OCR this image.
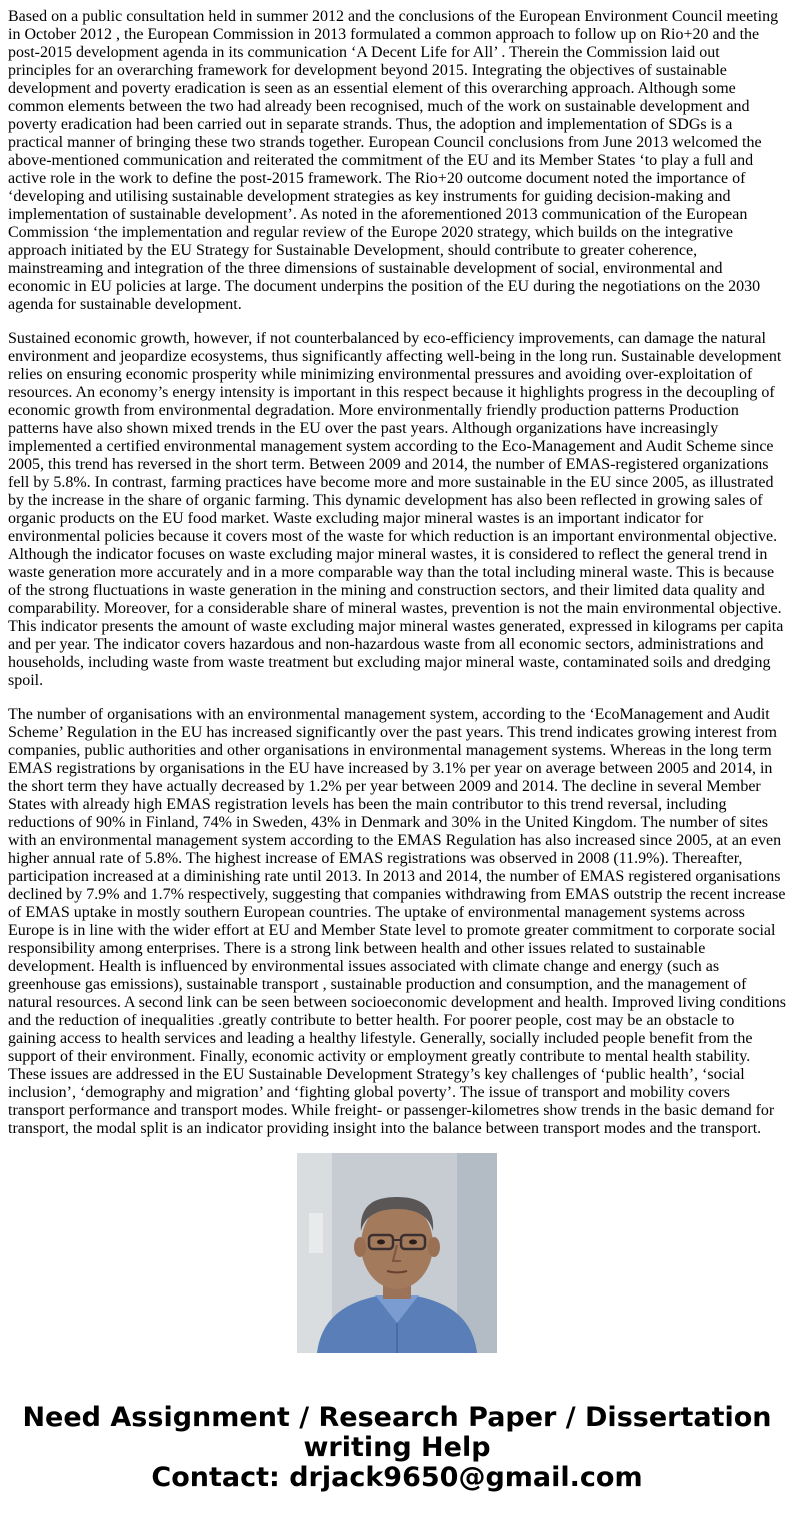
Based on a public consultation held in summer 2012 and the conclusions of the European Environment Council meeting in October 2012 , the European Commission in 2013 formulated a common approach to follow up on Rio+20 and the post-2015 development agenda in its communication ‘A Decent Life for All’ . Therein the Commission laid out principles for an overarching framework for development beyond 2015. Integrating the objectives of sustainable development and poverty eradication is seen as an essential element of this overarching approach. Although some common elements between the two had already been recognised, much of the work on sustainable development and poverty eradication had been carried out in separate strands. Thus, the adoption and implementation of SDGs is a practical manner of bringing these two strands together. European Council conclusions from June 2013 welcomed the above-mentioned communication and reiterated the commitment of the EU and its Member States ‘to play a full and active role in the work to define the post-2015 framework. The Rio+20 outcome document noted the importance of ‘developing and utilising sustainable development strategies as key instruments for guiding decision-making and implementation of sustainable development’. As noted in the aforementioned 2013 communication of the European Commission ‘the implementation and regular review of the Europe 2020 strategy, which builds on the integrative approach initiated by the EU Strategy for Sustainable Development, should contribute to greater coherence, mainstreaming and integration of the three dimensions of sustainable development of social, environmental and economic in EU policies at large. The document underpins the position of the EU during the negotiations on the 2030 agenda for sustainable development.

Sustained economic growth, however, if not counterbalanced by eco-efficiency improvements, can damage the natural environment and jeopardize ecosystems, thus significantly affecting well-being in the long run. Sustainable development relies on ensuring economic prosperity while minimizing environmental pressures and avoiding over-exploitation of resources. An economy’s energy intensity is important in this respect because it highlights progress in the decoupling of economic growth from environmental degradation. More environmentally friendly production patterns Production patterns have also shown mixed trends in the EU over the past years. Although organizations have increasingly implemented a certified environmental management system according to the Eco-Management and Audit Scheme since 2005, this trend has reversed in the short term. Between 2009 and 2014, the number of EMAS-registered organizations fell by 5.8%. In contrast, farming practices have become more and more sustainable in the EU since 2005, as illustrated by the increase in the share of organic farming. This dynamic development has also been reflected in growing sales of organic products on the EU food market. Waste excluding major mineral wastes is an important indicator for environmental policies because it covers most of the waste for which reduction is an important environmental objective. Although the indicator focuses on waste excluding major mineral wastes, it is considered to reflect the general trend in waste generation more accurately and in a more comparable way than the total including mineral waste. This is because of the strong fluctuations in waste generation in the mining and construction sectors, and their limited data quality and comparability. Moreover, for a considerable share of mineral wastes, prevention is not the main environmental objective. This indicator presents the amount of waste excluding major mineral wastes generated, expressed in kilograms per capita and per year. The indicator covers hazardous and non-hazardous waste from all economic sectors, administrations and households, including waste from waste treatment but excluding major mineral waste, contaminated soils and dredging spoil.

The number of organisations with an environmental management system, according to the ‘EcoManagement and Audit Scheme’ Regulation in the EU has increased significantly over the past years. This trend indicates growing interest from companies, public authorities and other organisations in environmental management systems. Whereas in the long term EMAS registrations by organisations in the EU have increased by 3.1% per year on average between 2005 and 2014, in the short term they have actually decreased by 1.2% per year between 2009 and 2014. The decline in several Member States with already high EMAS registration levels has been the main contributor to this trend reversal, including reductions of 90% in Finland, 74% in Sweden, 43% in Denmark and 30% in the United Kingdom. The number of sites with an environmental management system according to the EMAS Regulation has also increased since 2005, at an even higher annual rate of 5.8%. The highest increase of EMAS registrations was observed in 2008 (11.9%). Thereafter, participation increased at a diminishing rate until 2013. In 2013 and 2014, the number of EMAS registered organisations declined by 7.9% and 1.7% respectively, suggesting that companies withdrawing from EMAS outstrip the recent increase of EMAS uptake in mostly southern European countries. The uptake of environmental management systems across Europe is in line with the wider effort at EU and Member State level to promote greater commitment to corporate social responsibility among enterprises. There is a strong link between health and other issues related to sustainable development. Health is influenced by environmental issues associated with climate change and energy (such as greenhouse gas emissions), sustainable transport , sustainable production and consumption, and the management of natural resources. A second link can be seen between socioeconomic development and health. Improved living conditions and the reduction of inequalities .greatly contribute to better health. For poorer people, cost may be an obstacle to gaining access to health services and leading a healthy lifestyle. Generally, socially included people benefit from the support of their environment. Finally, economic activity or employment greatly contribute to mental health stability. These issues are addressed in the EU Sustainable Development Strategy’s key challenges of ‘public health’, ‘social inclusion’, ‘demography and migration’ and ‘fighting global poverty’. The issue of transport and mobility covers transport performance and transport modes. While freight- or passenger-kilometres show trends in the basic demand for transport, the modal split is an indicator providing insight into the balance between transport modes and the transport.

Need Assignment / Research Paper / Dissertation
writing Help
Contact: drjack9650@gmail.com
